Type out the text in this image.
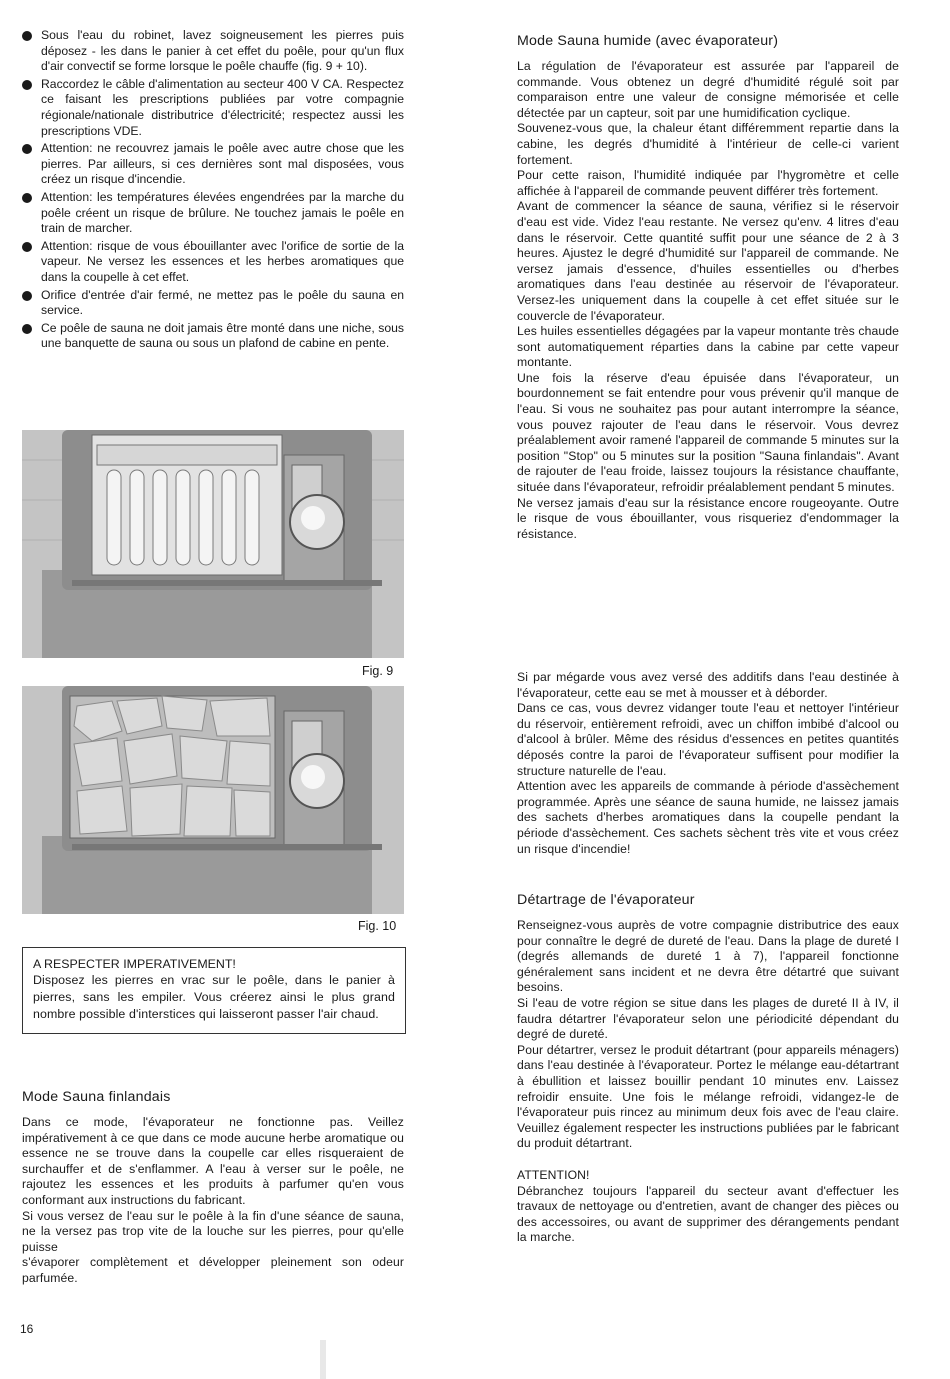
Sous l'eau du robinet, lavez soigneusement les pierres puis déposez - les dans le panier à cet effet du poêle, pour qu'un flux d'air convectif se forme lorsque le poêle chauffe (fig. 9 + 10).
Raccordez le câble d'alimentation au secteur 400 V CA. Respectez ce faisant les prescriptions publiées par votre compagnie régionale/nationale distributrice d'électricité; respectez aussi les prescriptions VDE.
Attention: ne recouvrez jamais le poêle avec autre chose que les pierres. Par ailleurs, si ces dernières sont mal disposées, vous créez un risque d'incendie.
Attention: les températures élevées engendrées par la marche du poêle créent un risque de brûlure. Ne touchez jamais le poêle en train de marcher.
Attention: risque de vous ébouillanter avec l'orifice de sortie de la vapeur. Ne versez les essences et les herbes aromatiques que dans la coupelle à cet effet.
Orifice d'entrée d'air fermé, ne mettez pas le poêle du sauna en service.
Ce poêle de sauna ne doit jamais être monté dans une niche, sous une banquette de sauna ou sous un plafond de cabine en pente.
Fig. 9
Fig. 10
A RESPECTER IMPERATIVEMENT!

Disposez les pierres en vrac sur le poêle, dans le panier à pierres, sans les empiler. Vous créerez ainsi le plus grand nombre possible d'interstices qui laisseront passer l'air chaud.

Mode Sauna finlandais

Dans ce mode, l'évaporateur ne fonctionne pas. Veillez impérativement à ce que dans ce mode aucune herbe aromatique ou essence ne se trouve dans la coupelle car elles risqueraient de surchauffer et de s'enflammer. A l'eau à verser sur le poêle, ne rajoutez les essences et les produits à parfumer qu'en vous conformant aux instructions du fabricant.

Si vous versez de l'eau sur le poêle à la fin d'une séance de sauna, ne la versez pas trop vite de la louche sur les pierres, pour qu'elle puisse

s'évaporer complètement et développer pleinement son odeur parfumée.

Mode Sauna humide (avec évaporateur)

La régulation de l'évaporateur est assurée par l'appareil de commande. Vous obtenez un degré d'humidité régulé soit par comparaison entre une valeur de consigne mémorisée et celle détectée par un capteur, soit par une humidification cyclique.

Souvenez-vous que, la chaleur étant différemment repartie dans la cabine, les degrés d'humidité à l'intérieur de celle-ci varient fortement.

Pour cette raison, l'humidité indiquée par l'hygromètre et celle affichée à l'appareil de commande peuvent différer très fortement.

Avant de commencer la séance de sauna, vérifiez si le réservoir d'eau est vide. Videz l'eau restante. Ne versez qu'env. 4 litres d'eau dans le réservoir. Cette quantité suffit pour une séance de 2 à 3 heures. Ajustez le degré d'humidité sur l'appareil de commande. Ne versez jamais d'essence, d'huiles essentielles ou d'herbes aromatiques dans l'eau destinée au réservoir de l'évaporateur. Versez-les uniquement dans la coupelle à cet effet située sur le couvercle de l'évaporateur.

Les huiles essentielles dégagées par la vapeur montante très chaude sont automatiquement réparties dans la cabine par cette vapeur montante.

Une fois la réserve d'eau épuisée dans l'évaporateur, un bourdonnement se fait entendre pour vous prévenir qu'il manque de l'eau. Si vous ne souhaitez pas pour autant interrompre la séance, vous pouvez rajouter de l'eau dans le réservoir. Vous devrez préalablement avoir ramené l'appareil de commande 5 minutes sur la position "Stop" ou 5 minutes sur la position "Sauna finlandais". Avant de rajouter de l'eau froide, laissez toujours la résistance chauffante, située dans l'évaporateur, refroidir préalablement pendant 5 minutes.

Ne versez jamais d'eau sur la résistance encore rougeoyante. Outre le risque de vous ébouillanter, vous risqueriez d'endommager la résistance.

Si par mégarde vous avez versé des additifs dans l'eau destinée à l'évaporateur, cette eau se met à mousser et à déborder.

Dans ce cas, vous devrez vidanger toute l'eau et nettoyer l'intérieur du réservoir, entièrement refroidi, avec un chiffon imbibé d'alcool ou d'alcool à brûler. Même des résidus d'essences en petites quantités déposés contre la paroi de l'évaporateur suffisent pour modifier la structure naturelle de l'eau.

Attention avec les appareils de commande à période d'assèchement programmée. Après une séance de sauna humide, ne laissez jamais des sachets d'herbes aromatiques dans la coupelle pendant la période d'assèchement. Ces sachets sèchent très vite et vous créez un risque d'incendie!

Détartrage de l'évaporateur

Renseignez-vous auprès de votre compagnie distributrice des eaux pour connaître le degré de dureté de l'eau. Dans la plage de dureté I (degrés allemands de dureté 1 à 7), l'appareil fonctionne généralement sans incident et ne devra être détartré que suivant besoins.

Si l'eau de votre région se situe dans les plages de dureté II à IV, il faudra détartrer l'évaporateur selon une périodicité dépendant du degré de dureté.

Pour détartrer, versez le produit détartrant (pour appareils ménagers) dans l'eau destinée à l'évaporateur. Portez le mélange eau-détartrant à ébullition et laissez bouillir pendant 10 minutes env. Laissez refroidir ensuite. Une fois le mélange refroidi, vidangez-le de l'évaporateur puis rincez au minimum deux fois avec de l'eau claire. Veuillez également respecter les instructions publiées par le fabricant du produit détartrant.

ATTENTION!

Débranchez toujours l'appareil du secteur avant d'effectuer les travaux de nettoyage ou d'entretien, avant de changer des pièces ou des accessoires, ou avant de supprimer des dérangements pendant la marche.

16
